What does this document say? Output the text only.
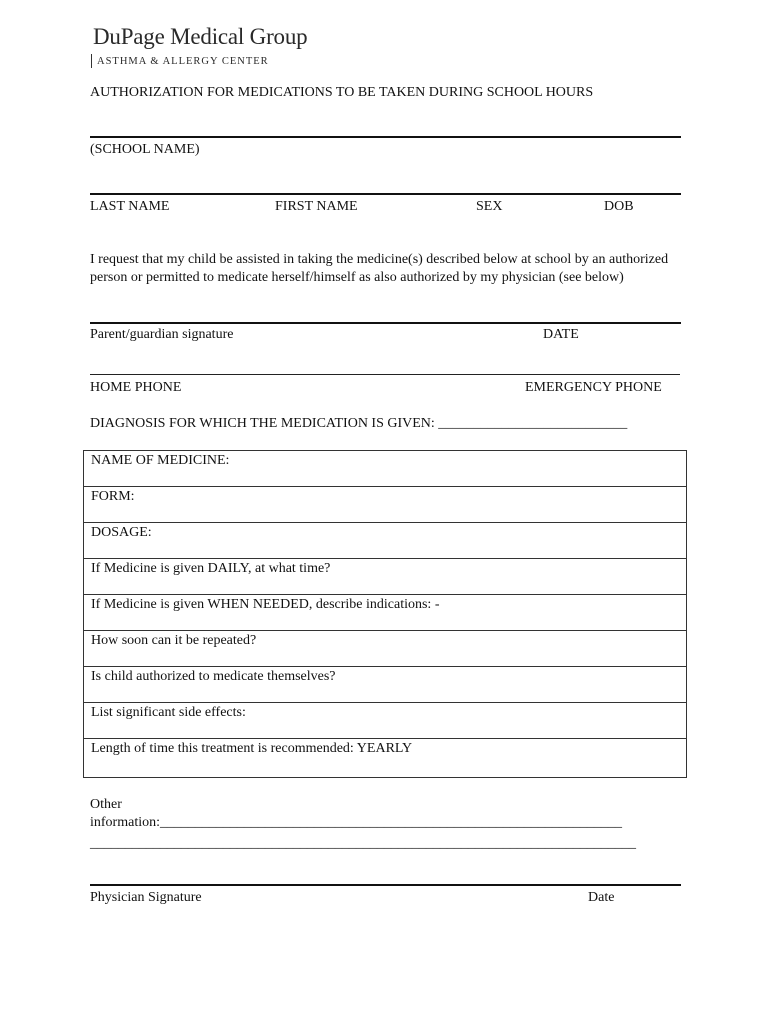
DuPage Medical Group
ASTHMA & ALLERGY CENTER
AUTHORIZATION FOR MEDICATIONS TO BE TAKEN DURING SCHOOL HOURS
(SCHOOL NAME)
LAST NAME	FIRST NAME	SEX	DOB
I request that my child be assisted in taking the medicine(s) described below at school by an authorized person or permitted to medicate herself/himself as also authorized by my physician (see below)
Parent/guardian signature	DATE
HOME PHONE	EMERGENCY PHONE
DIAGNOSIS FOR WHICH THE MEDICATION IS GIVEN: ___________________________
NAME OF MEDICINE:
FORM:
DOSAGE:
If Medicine is given DAILY, at what time?
If Medicine is given WHEN NEEDED, describe indications: -
How soon can it be repeated?
Is child authorized to medicate themselves?
List significant side effects:
Length of time this treatment is recommended: YEARLY
Other
information:__________________________________________________________________
______________________________________________________________________________
Physician Signature	Date
